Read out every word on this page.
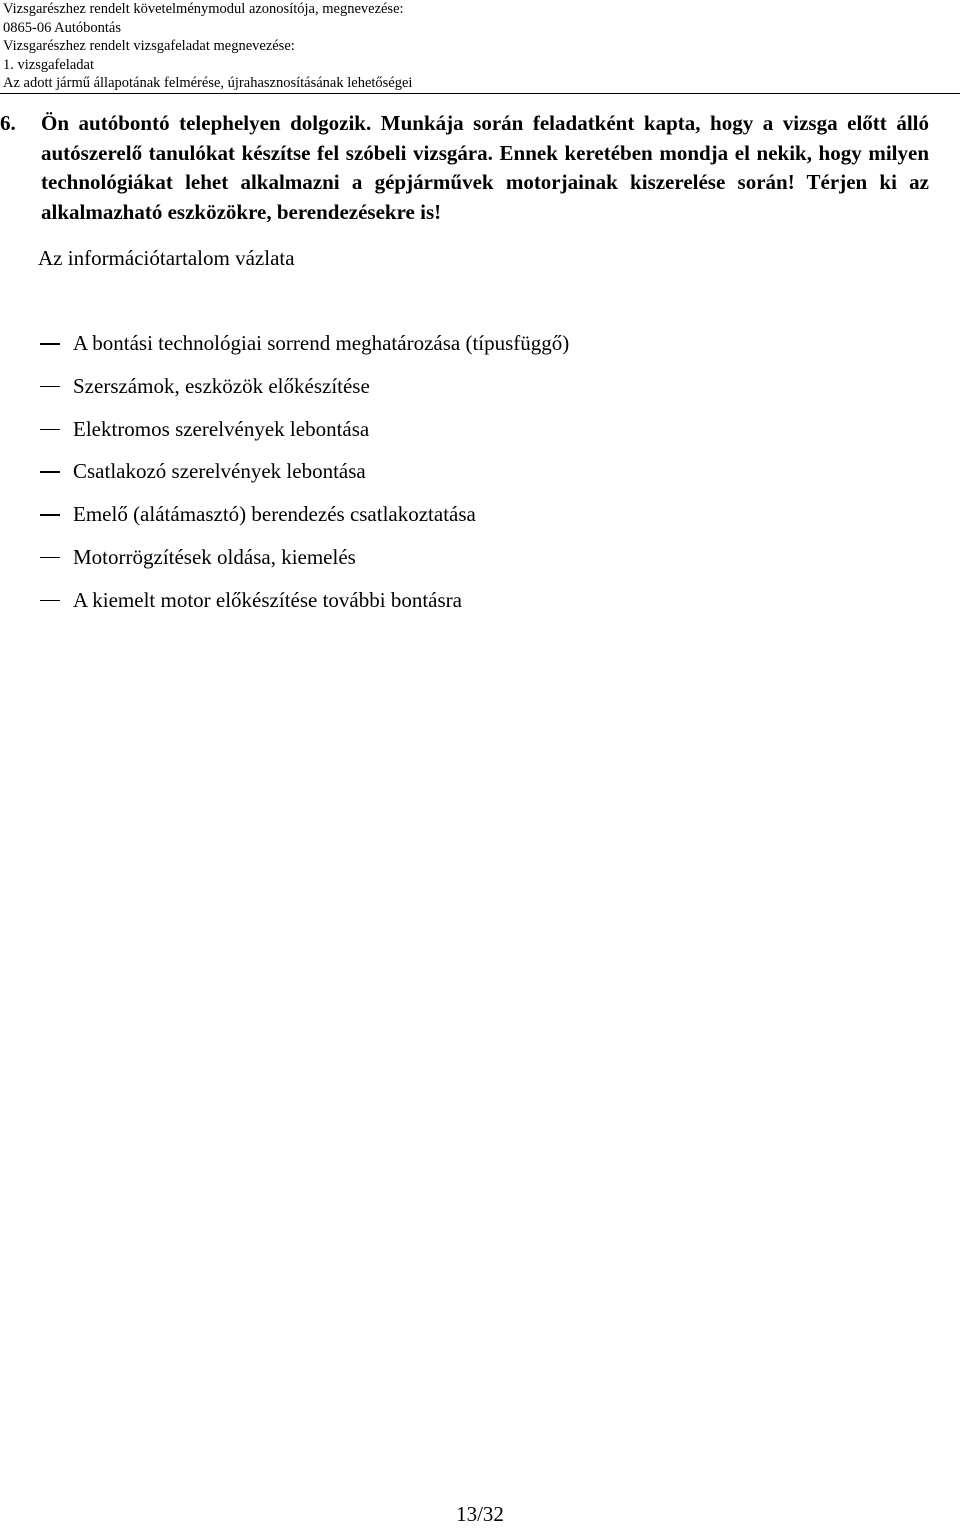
Vizsgarészhez rendelt követelménymodul azonosítója, megnevezése:
0865-06 Autóbontás
Vizsgarészhez rendelt vizsgafeladat megnevezése:
1. vizsgafeladat
Az adott jármű állapotának felmérése, újrahasznosításának lehetőségei
6. Ön autóbontó telephelyen dolgozik. Munkája során feladatként kapta, hogy a vizsga előtt álló autószerelő tanulókat készítse fel szóbeli vizsgára. Ennek keretében mondja el nekik, hogy milyen technológiákat lehet alkalmazni a gépjárművek motorjainak kiszerelése során! Térjen ki az alkalmazható eszközökre, berendezésekre is!
Az információtartalom vázlata
A bontási technológiai sorrend meghatározása (típusfüggő)
Szerszámok, eszközök előkészítése
Elektromos szerelvények lebontása
Csatlakozó szerelvények lebontása
Emelő (alátámasztó) berendezés csatlakoztatása
Motorrögzítések oldása, kiemelés
A kiemelt motor előkészítése további bontásra
13/32
